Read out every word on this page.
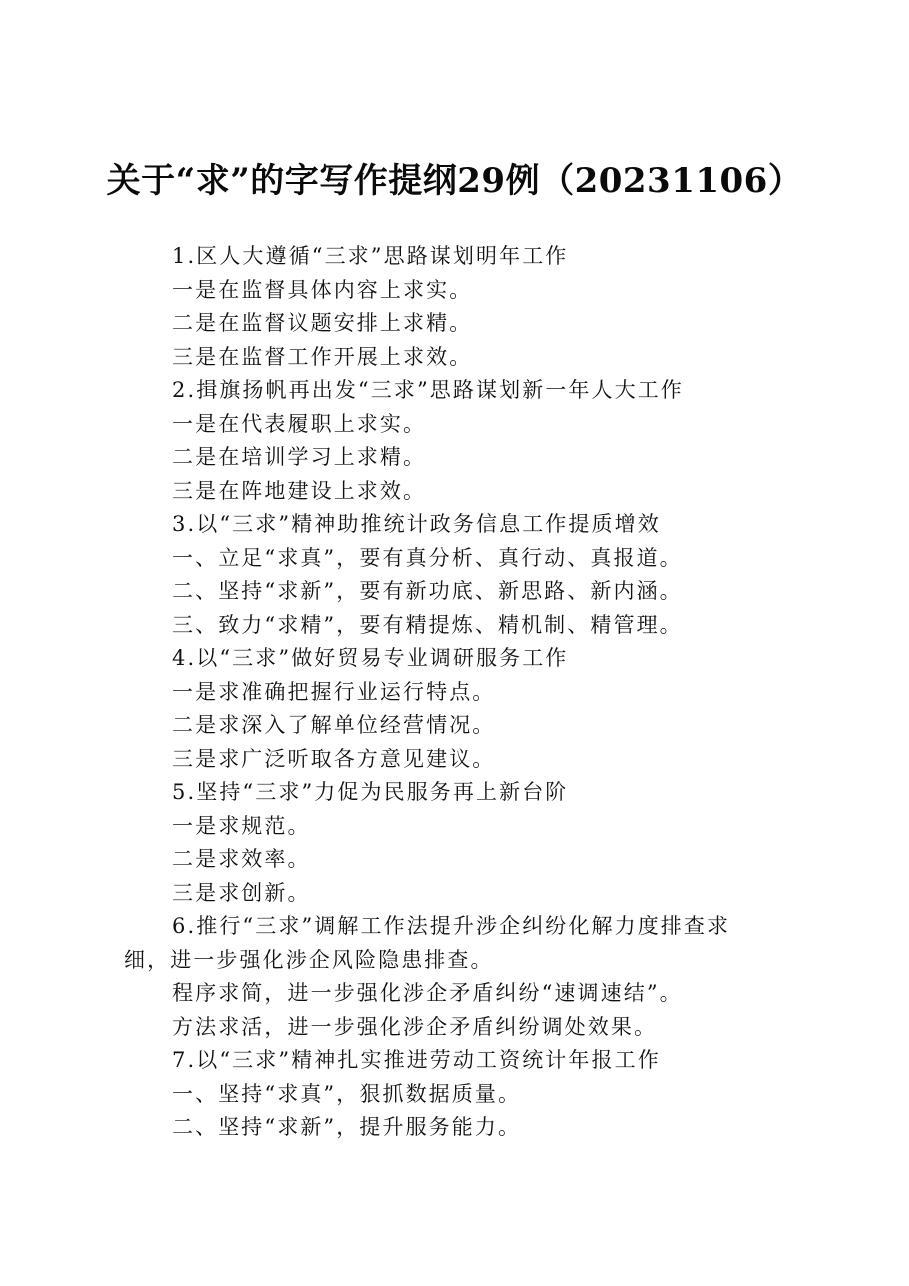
关于“求”的字写作提纲29例（20231106）

1.区人大遵循“三求”思路谋划明年工作

一是在监督具体内容上求实。

二是在监督议题安排上求精。

三是在监督工作开展上求效。

2.揖旗扬帆再出发“三求”思路谋划新一年人大工作

一是在代表履职上求实。

二是在培训学习上求精。

三是在阵地建设上求效。

3.以“三求”精神助推统计政务信息工作提质增效

一、立足“求真”，要有真分析、真行动、真报道。

二、坚持“求新”，要有新功底、新思路、新内涵。

三、致力“求精”，要有精提炼、精机制、精管理。

4.以“三求”做好贸易专业调研服务工作

一是求准确把握行业运行特点。

二是求深入了解单位经营情况。

三是求广泛听取各方意见建议。

5.坚持“三求”力促为民服务再上新台阶

一是求规范。

二是求效率。

三是求创新。

6.推行“三求”调解工作法提升涉企纠纷化解力度排查求

细，进一步强化涉企风险隐患排查。

程序求简，进一步强化涉企矛盾纠纷“速调速结”。

方法求活，进一步强化涉企矛盾纠纷调处效果。

7.以“三求”精神扎实推进劳动工资统计年报工作

一、坚持“求真”，狠抓数据质量。

二、坚持“求新”，提升服务能力。
